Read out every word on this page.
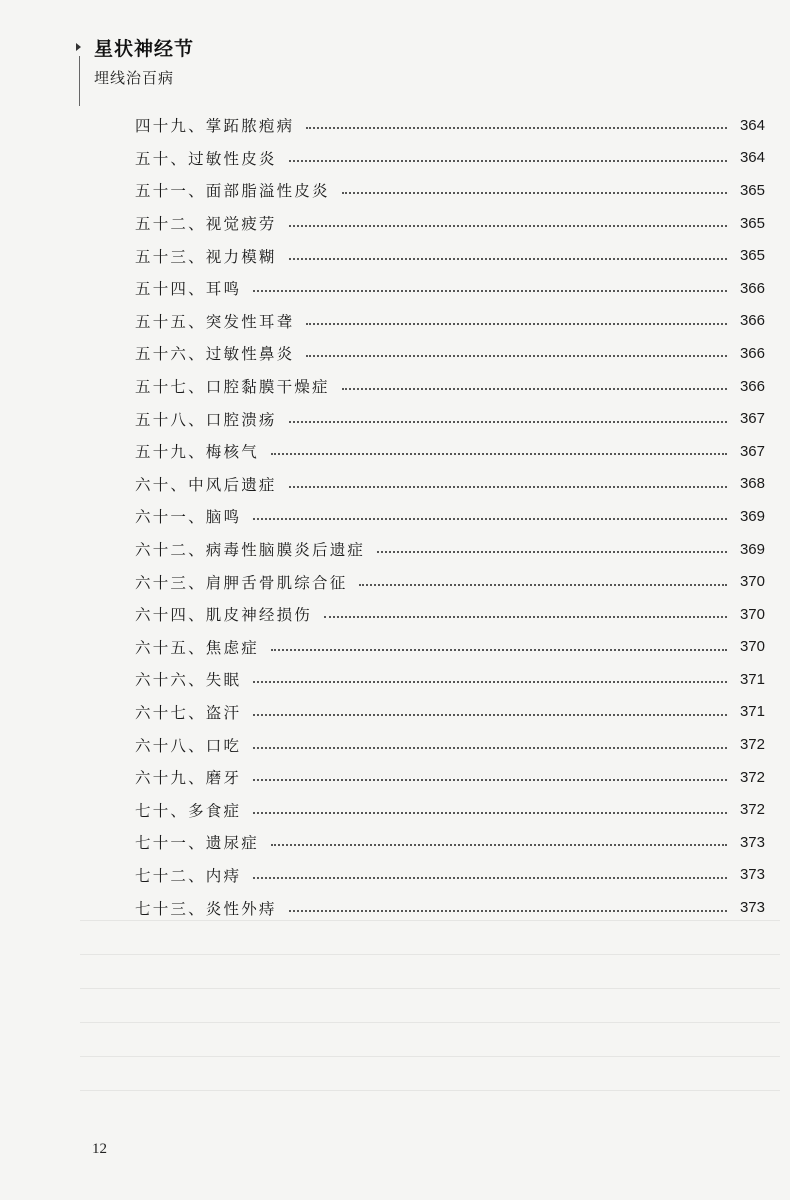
星状神经节
埋线治百病
四十九、掌跖脓疱病	364
五十、过敏性皮炎	364
五十一、面部脂溢性皮炎	365
五十二、视觉疲劳	365
五十三、视力模糊	365
五十四、耳鸣	366
五十五、突发性耳聋	366
五十六、过敏性鼻炎	366
五十七、口腔黏膜干燥症	366
五十八、口腔溃疡	367
五十九、梅核气	367
六十、中风后遗症	368
六十一、脑鸣	369
六十二、病毒性脑膜炎后遗症	369
六十三、肩胛舌骨肌综合征	370
六十四、肌皮神经损伤	370
六十五、焦虑症	370
六十六、失眠	371
六十七、盗汗	371
六十八、口吃	372
六十九、磨牙	372
七十、多食症	372
七十一、遗尿症	373
七十二、内痔	373
七十三、炎性外痔	373
12
